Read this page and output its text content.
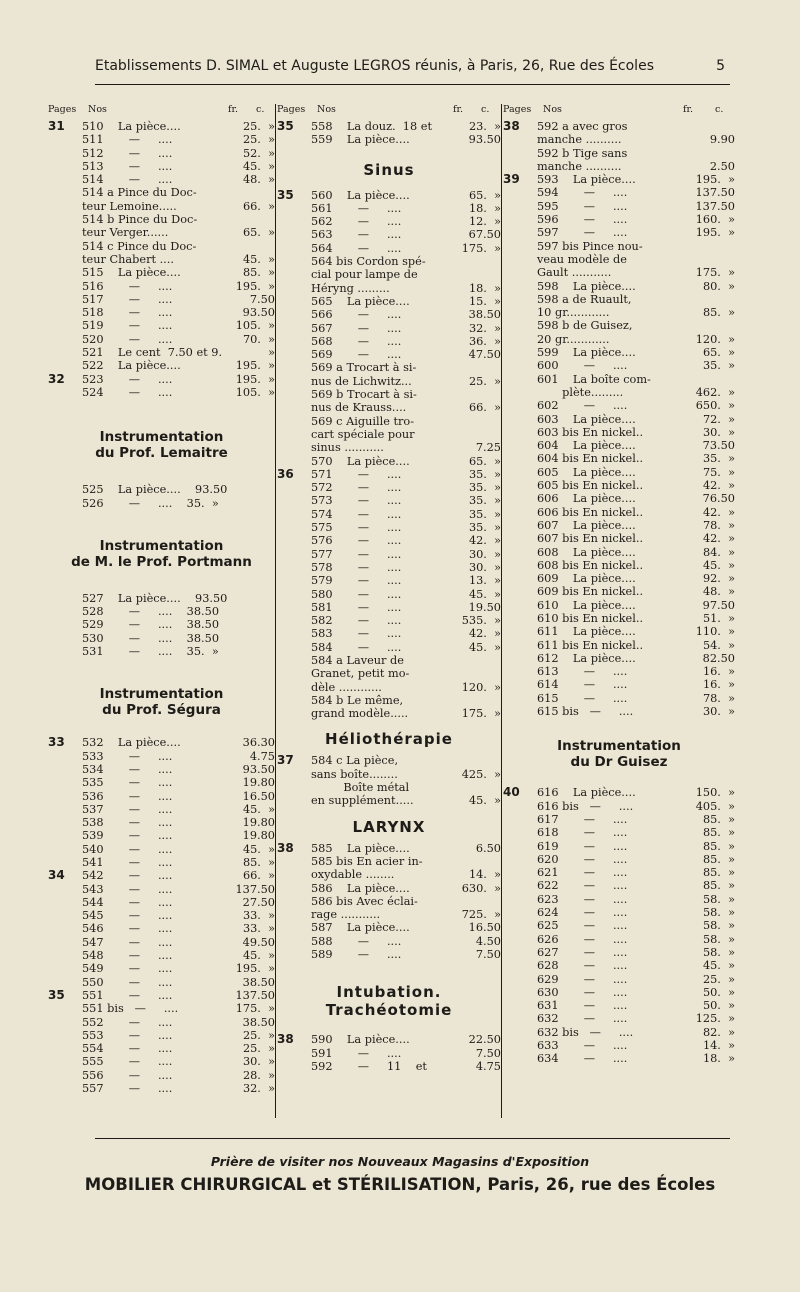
Etablissements D. SIMAL et Auguste LEGROS réunis, à Paris, 26, Rue des Écoles	5
Pages Nos	fr. c.
31 510    La pièce....	25.  »
511       —     ....	25.  »
512       —     ....	52.  »
513       —     ....	45.  »
514       —     ....	48.  »
514 a Pince du Doc-
teur Lemoine.....	66.  »
514 b Pince du Doc-
teur Verger......	65.  »
514 c Pince du Doc-
teur Chabert ....	45.  »
515    La pièce....	85.  »
516       —     ....	195.  »
517       —     ....	7.50
518       —     ....	93.50
519       —     ....	105.  »
520       —     ....	70.  »
521    Le cent  7.50 et 9.	»
522    La pièce....	195.  »
32 523       —     ....	195.  »
524       —     ....	105.  »
Instrumentation
du Prof. Lemaitre
525    La pièce....    93.50
526       —     ....    35.  »
Instrumentation
de M. le Prof. Portmann
527    La pièce....    93.50
528       —     ....    38.50
529       —     ....    38.50
530       —     ....    38.50
531       —     ....    35.  »
Instrumentation
du Prof. Ségura
33 532    La pièce....	36.30
533       —     ....	4.75
534       —     ....	93.50
535       —     ....	19.80
536       —     ....	16.50
537       —     ....	45.  »
538       —     ....	19.80
539       —     ....	19.80
540       —     ....	45.  »
541       —     ....	85.  »
34 542       —     ....	66.  »
543       —     ....	137.50
544       —     ....	27.50
545       —     ....	33.  »
546       —     ....	33.  »
547       —     ....	49.50
548       —     ....	45.  »
549       —     ....	195.  »
550       —     ....	38.50
35 551       —     ....	137.50
551 bis   —     ....	175.  »
552       —     ....	38.50
553       —     ....	25.  »
554       —     ....	25.  »
555       —     ....	30.  »
556       —     ....	28.  »
557       —     ....	32.  »
Pages Nos	fr. c.
35 558    La douz.  18 et	23.  »
559    La pièce....	93.50
Sinus
35 560    La pièce....	65.  »
561       —     ....	18.  »
562       —     ....	12.  »
563       —     ....	67.50
564       —     ....	175.  »
564 bis Cordon spé-
cial pour lampe de
Héryng .........	18.  »
565    La pièce....	15.  »
566       —     ....	38.50
567       —     ....	32.  »
568       —     ....	36.  »
569       —     ....	47.50
569 a Trocart à si-
nus de Lichwitz...	25.  »
569 b Trocart à si-
nus de Krauss....	66.  »
569 c Aiguille tro-
cart spéciale pour
sinus ...........	7.25
570    La pièce....	65.  »
36 571       —     ....	35.  »
572       —     ....	35.  »
573       —     ....	35.  »
574       —     ....	35.  »
575       —     ....	35.  »
576       —     ....	42.  »
577       —     ....	30.  »
578       —     ....	30.  »
579       —     ....	13.  »
580       —     ....	45.  »
581       —     ....	19.50
582       —     ....	535.  »
583       —     ....	42.  »
584       —     ....	45.  »
584 a Laveur de
Granet, petit mo-
dèle ............	120.  »
584 b Le même,
grand modèle.....	175.  »
Héliothérapie
37 584 c La pièce,
sans boîte........	425.  »
Boîte métal
en supplément.....	45.  »
LARYNX
38 585    La pièce....	6.50
585 bis En acier in-
oxydable ........	14.  »
586    La pièce....	630.  »
586 bis Avec éclai-
rage ...........	725.  »
587    La pièce....	16.50
588       —     ....	4.50
589       —     ....	7.50
Intubation.
Trachéotomie
38 590    La pièce....	22.50
591       —     ....	7.50
592       —     11    et	4.75
Pages Nos	fr. c.
38 592 a avec gros
manche ..........	9.90
592 b Tige sans
manche ..........	2.50
39 593    La pièce....	195.  »
594       —     ....	137.50
595       —     ....	137.50
596       —     ....	160.  »
597       —     ....	195.  »
597 bis Pince nou-
veau modèle de
Gault ...........	175.  »
598    La pièce....	80.  »
598 a de Ruault,
10 gr............	85.  »
598 b de Guisez,
20 gr............	120.  »
599    La pièce....	65.  »
600       —     ....	35.  »
601    La boîte com-
plète.........	462.  »
602       —     ....	650.  »
603    La pièce....	72.  »
603 bis En nickel..	30.  »
604    La pièce....	73.50
604 bis En nickel..	35.  »
605    La pièce....	75.  »
605 bis En nickel..	42.  »
606    La pièce....	76.50
606 bis En nickel..	42.  »
607    La pièce....	78.  »
607 bis En nickel..	42.  »
608    La pièce....	84.  »
608 bis En nickel..	45.  »
609    La pièce....	92.  »
609 bis En nickel..	48.  »
610    La pièce....	97.50
610 bis En nickel..	51.  »
611    La pièce....	110.  »
611 bis En nickel..	54.  »
612    La pièce....	82.50
613       —     ....	16.  »
614       —     ....	16.  »
615       —     ....	78.  »
615 bis   —     ....	30.  »
Instrumentation
du Dr Guisez
40 616    La pièce....	150.  »
616 bis   —     ....	405.  »
617       —     ....	85.  »
618       —     ....	85.  »
619       —     ....	85.  »
620       —     ....	85.  »
621       —     ....	85.  »
622       —     ....	85.  »
623       —     ....	58.  »
624       —     ....	58.  »
625       —     ....	58.  »
626       —     ....	58.  »
627       —     ....	58.  »
628       —     ....	45.  »
629       —     ....	25.  »
630       —     ....	50.  »
631       —     ....	50.  »
632       —     ....	125.  »
632 bis   —     ....	82.  »
633       —     ....	14.  »
634       —     ....	18.  »
Prière de visiter nos Nouveaux Magasins d'Exposition
MOBILIER CHIRURGICAL et STÉRILISATION, Paris, 26, rue des Écoles
